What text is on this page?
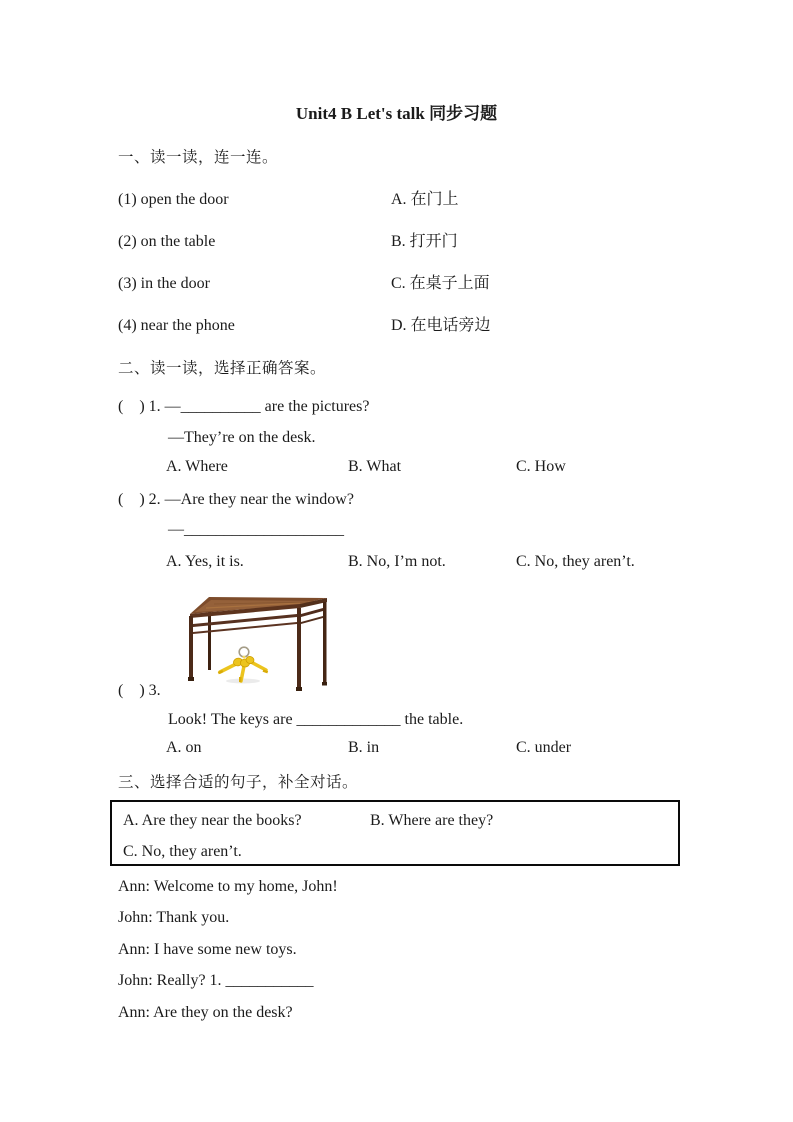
Unit4 B Let's talk 同步习题
一、读一读，连一连。
(1) open the door	A. 在门上
(2) on the table	B. 打开门
(3) in the door	C. 在桌子上面
(4) near the phone	D. 在电话旁边
二、读一读，选择正确答案。
(　) 1. —__________ are the pictures?
—They’re on the desk.
A. Where	B. What	C. How
(　) 2. —Are they near the window?
—____________________
A. Yes, it is.	B. No, I’m not.	C. No, they aren’t.
(　) 3.
Look! The keys are _____________ the table.
A. on	B. in	C. under
三、选择合适的句子，补全对话。
A. Are they near the books?	B. Where are they?
C. No, they aren’t.
Ann: Welcome to my home, John!
John: Thank you.
Ann: I have some new toys.
John: Really? 1. ___________
Ann: Are they on the desk?
